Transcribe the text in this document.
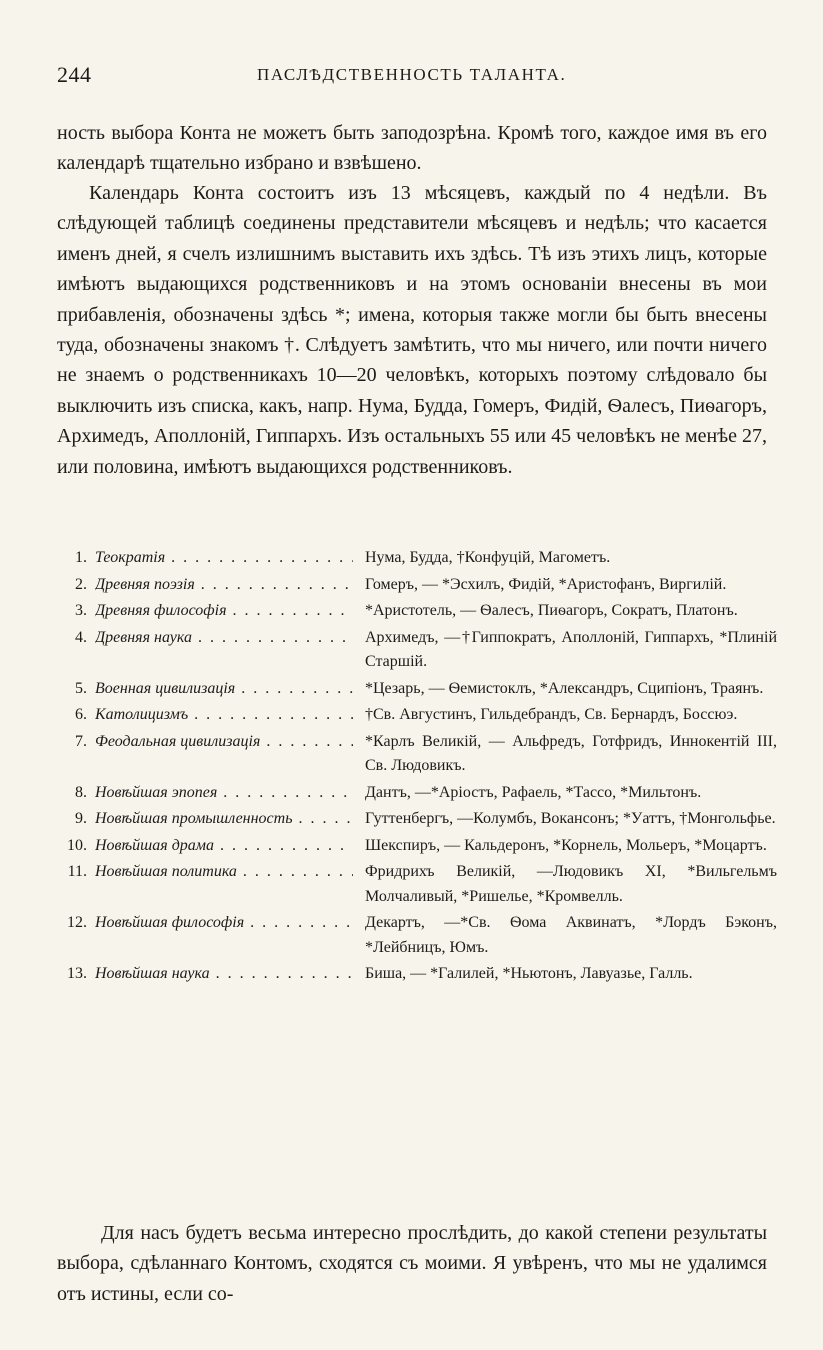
244	ПАСЛѢДСТВЕННОСТЬ ТАЛАНТА.

ность выбора Конта не можетъ быть заподозрѣна. Кромѣ того, каждое имя въ его календарѣ тщательно избрано и взвѣшено.

Календарь Конта состоитъ изъ 13 мѣсяцевъ, каждый по 4 недѣли. Въ слѣдующей таблицѣ соединены представители мѣсяцевъ и недѣль; что касается именъ дней, я счелъ излишнимъ выставить ихъ здѣсь. Тѣ изъ этихъ лицъ, которые имѣютъ выдающихся родственниковъ и на этомъ основаніи внесены въ мои прибавленія, обозначены здѣсь *; имена, которыя также могли бы быть внесены туда, обозначены знакомъ †. Слѣдуетъ замѣтить, что мы ничего, или почти ничего не знаемъ о родственникахъ 10—20 человѣкъ, которыхъ поэтому слѣдовало бы выключить изъ списка, какъ, напр. Нума, Будда, Гомеръ, Фидій, Ѳалесъ, Пиѳагоръ, Архимедъ, Аполлоній, Гиппархъ. Изъ остальныхъ 55 или 45 человѣкъ не менѣе 27, или половина, имѣютъ выдающихся родственниковъ.

1. Теократія . . .	Нума, Будда, †Конфуцій, Магометъ.
2. Древняя поэзія . . .	Гомеръ, — *Эсхилъ, Фидій, *Аристофанъ, Виргилій.
3. Древняя философія . . .	*Аристотель, — Ѳалесъ, Пиѳагоръ, Сократъ, Платонъ.
4. Древняя наука . . .	Архимедъ, —†Гиппократъ, Аполлоній, Гиппархъ, *Плиній Старшій.
5. Военная цивилизація . . .	*Цезарь, — Ѳемистоклъ, *Александръ, Сципіонъ, Траянъ.
6. Католицизмъ . . .	†Св. Августинъ, Гильдебрандъ, Св. Бернардъ, Боссюэ.
7. Феодальная цивилизація . . .	*Карлъ Великій, — Альфредъ, Готфридъ, Иннокентій III, Св. Людовикъ.
8. Новѣйшая эпопея . . .	Дантъ, —*Аріостъ, Рафаель, *Тассо, *Мильтонъ.
9. Новѣйшая промышленность . . .	Гуттенбергъ, —Колумбъ, Вокансонъ; *Уаттъ, †Монгольфье.
10. Новѣйшая драма . . .	Шекспиръ, — Кальдеронъ, *Корнель, Мольеръ, *Моцартъ.
11. Новѣйшая политика . . .	Фридрихъ Великій, —Людовикъ XI, *Вильгельмъ Молчаливый, *Ришелье, *Кромвелль.
12. Новѣйшая философія . . .	Декартъ, —*Св. Ѳома Аквинатъ, *Лордъ Бэконъ, *Лейбницъ, Юмъ.
13. Новѣйшая наука . . .	Биша, — *Галилей, *Ньютонъ, Лавуазье, Галль.

Для насъ будетъ весьма интересно прослѣдить, до какой степени результаты выбора, сдѣланнаго Контомъ, сходятся съ моими. Я увѣренъ, что мы не удалимся отъ истины, если со-
